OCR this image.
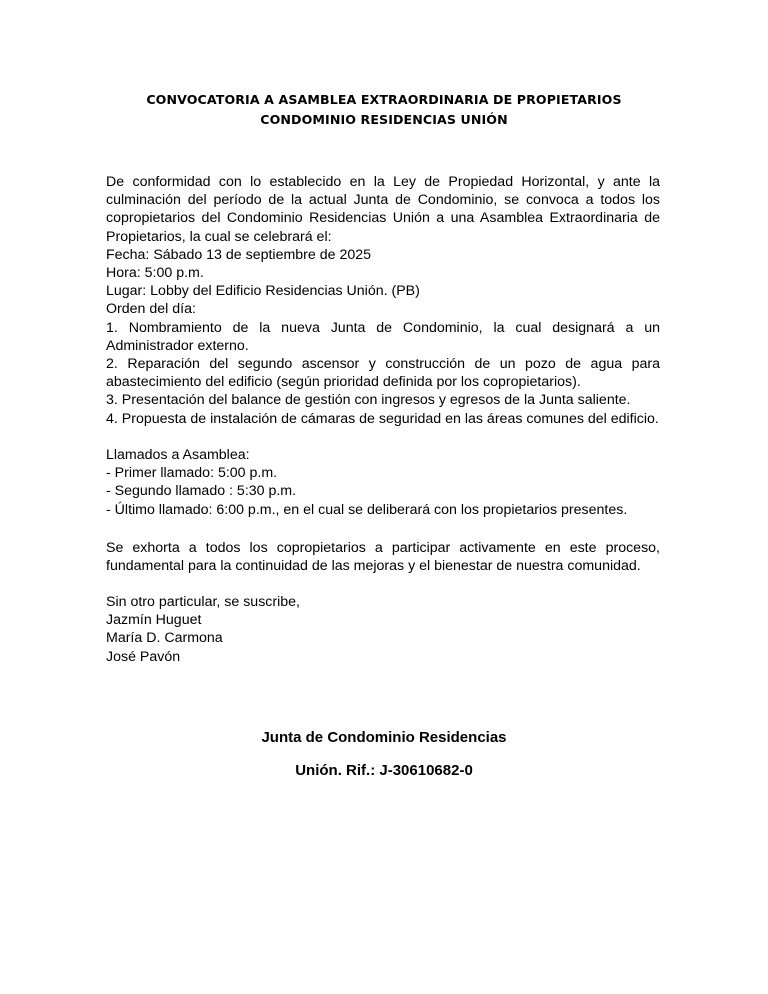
CONVOCATORIA A ASAMBLEA EXTRAORDINARIA DE PROPIETARIOS
CONDOMINIO RESIDENCIAS UNIÓN

De conformidad con lo establecido en la Ley de Propiedad Horizontal, y ante la culminación del período de la actual Junta de Condominio, se convoca a todos los copropietarios del Condominio Residencias Unión a una Asamblea Extraordinaria de Propietarios, la cual se celebrará el:

Fecha: Sábado 13 de septiembre de 2025
Hora: 5:00 p.m.
Lugar: Lobby del Edificio Residencias Unión. (PB)
Orden del día:

1. Nombramiento de la nueva Junta de Condominio, la cual designará a un Administrador externo.

2. Reparación del segundo ascensor y construcción de un pozo de agua para abastecimiento del edificio (según prioridad definida por los copropietarios).

3. Presentación del balance de gestión con ingresos y egresos de la Junta saliente.

4. Propuesta de instalación de cámaras de seguridad en las áreas comunes del edificio.

Llamados a Asamblea:
- Primer llamado: 5:00 p.m.
- Segundo llamado : 5:30 p.m.
- Último llamado: 6:00 p.m., en el cual se deliberará con los propietarios presentes.

Se exhorta a todos los copropietarios a participar activamente en este proceso, fundamental para la continuidad de las mejoras y el bienestar de nuestra comunidad.

Sin otro particular, se suscribe,
Jazmín Huguet
María D. Carmona
José Pavón
Junta de Condominio Residencias
Unión. Rif.: J-30610682-0
